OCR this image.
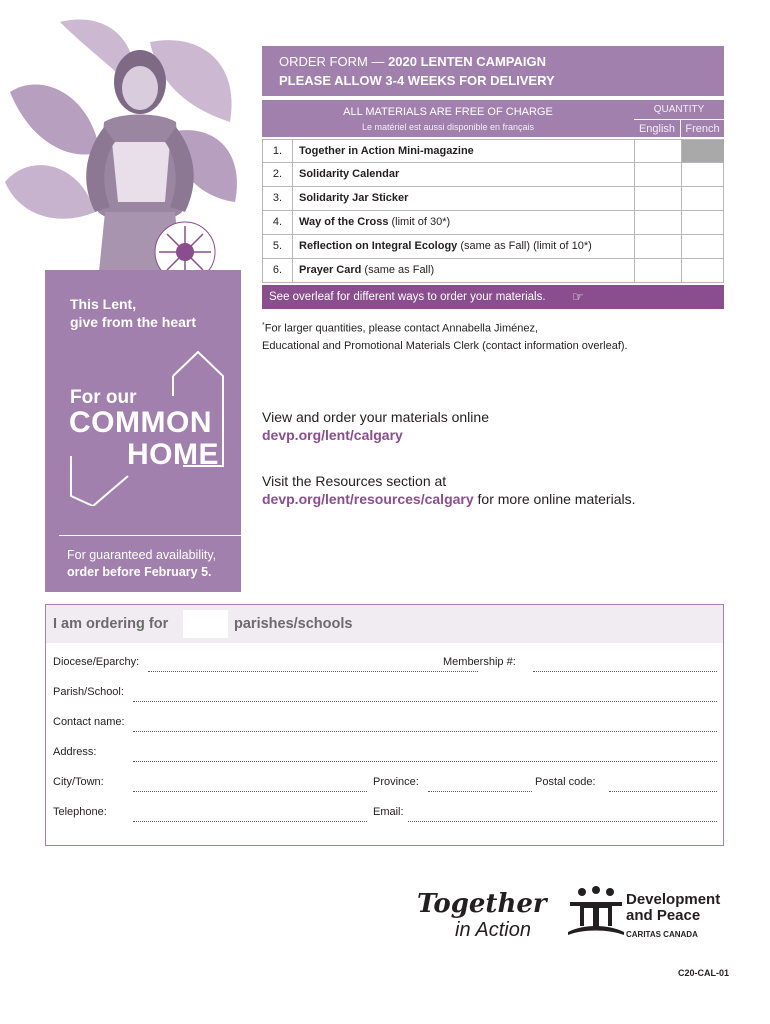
This Lent,
give from the heart
For our
COMMON
HOME
For guaranteed availability,
order before February 5.
ORDER FORM — 2020 LENTEN CAMPAIGN
PLEASE ALLOW 3-4 WEEKS FOR DELIVERY
ALL MATERIALS ARE FREE OF CHARGE
Le matériel est aussi disponible en français
QUANTITY
English French
1.	Together in Action Mini-magazine
2.	Solidarity Calendar
3.	Solidarity Jar Sticker
4.	Way of the Cross (limit of 30*)
5.	Reflection on Integral Ecology (same as Fall) (limit of 10*)
6.	Prayer Card (same as Fall)
See overleaf for different ways to order your materials. ☞
*For larger quantities, please contact Annabella Jiménez,
Educational and Promotional Materials Clerk (contact information overleaf).
View and order your materials online
devp.org/lent/calgary
Visit the Resources section at
devp.org/lent/resources/calgary for more online materials.
I am ordering for	parishes/schools
Diocese/Eparchy:	Membership #:
Parish/School:
Contact name:
Address:
City/Town:	Province:	Postal code:
Telephone:	Email:
Together
in Action
Development
and Peace
CARITAS CANADA
C20-CAL-01
